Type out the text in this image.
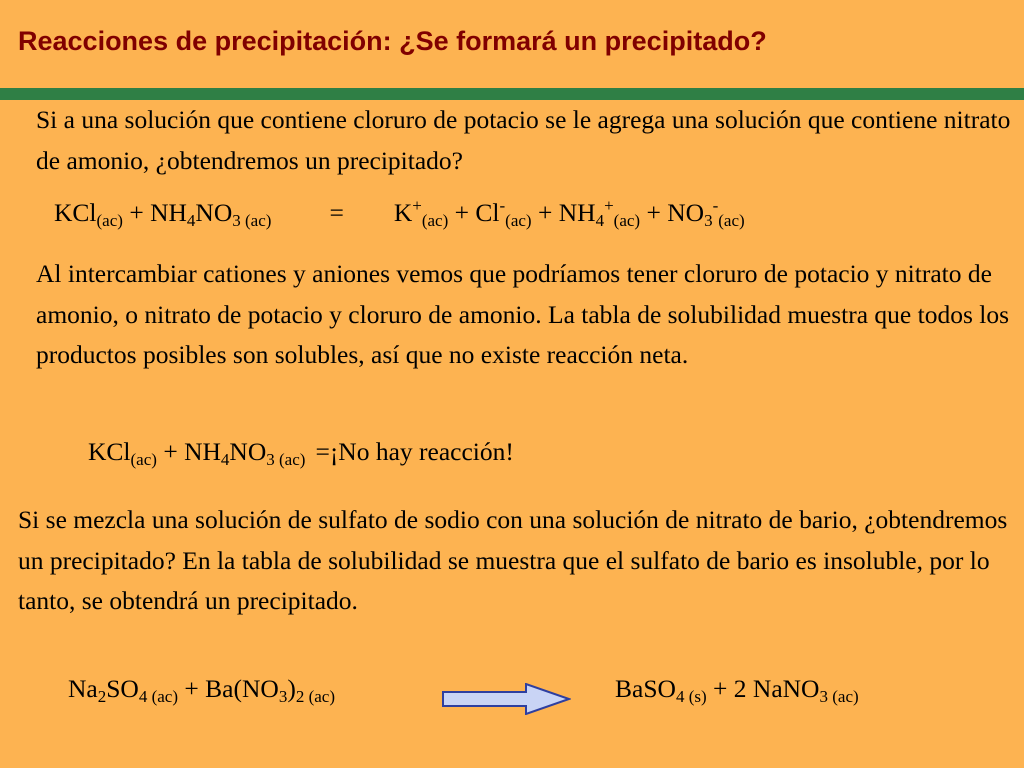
Reacciones de precipitación: ¿Se formará un precipitado?

Si a una solución que contiene cloruro de potacio se le agrega una solución que contiene nitrato de amonio, ¿obtendremos un precipitado?

$KCl_{(ac)} + NH_4NO_3$ $_{(ac)} = K^+_{(ac)} + Cl^-_{(ac)} + NH_4^+_{(ac)} + NO_3^-_{(ac)}$

Al intercambiar cationes y aniones vemos que podríamos tener cloruro de potacio y nitrato de amonio, o nitrato de potacio y cloruro de amonio. La tabla de solubilidad muestra que todos los productos posibles son solubles, así que no existe reacción neta.

$KCl_{(ac)} + NH_4NO_3$ $_{(ac)}$ =¡No hay reacción!

Si se mezcla una solución de sulfato de sodio con una solución de nitrato de bario, ¿obtendremos un precipitado? En la tabla de solubilidad se muestra que el sulfato de bario es insoluble, por lo tanto, se obtendrá un precipitado.

$Na_2SO_4$ $_{(ac)} + Ba(NO_3)_2$ $_{(ac)}$	BaSO$_4$ $_{(s)}$ + 2 NaNO$_3$ $_{(ac)}$
